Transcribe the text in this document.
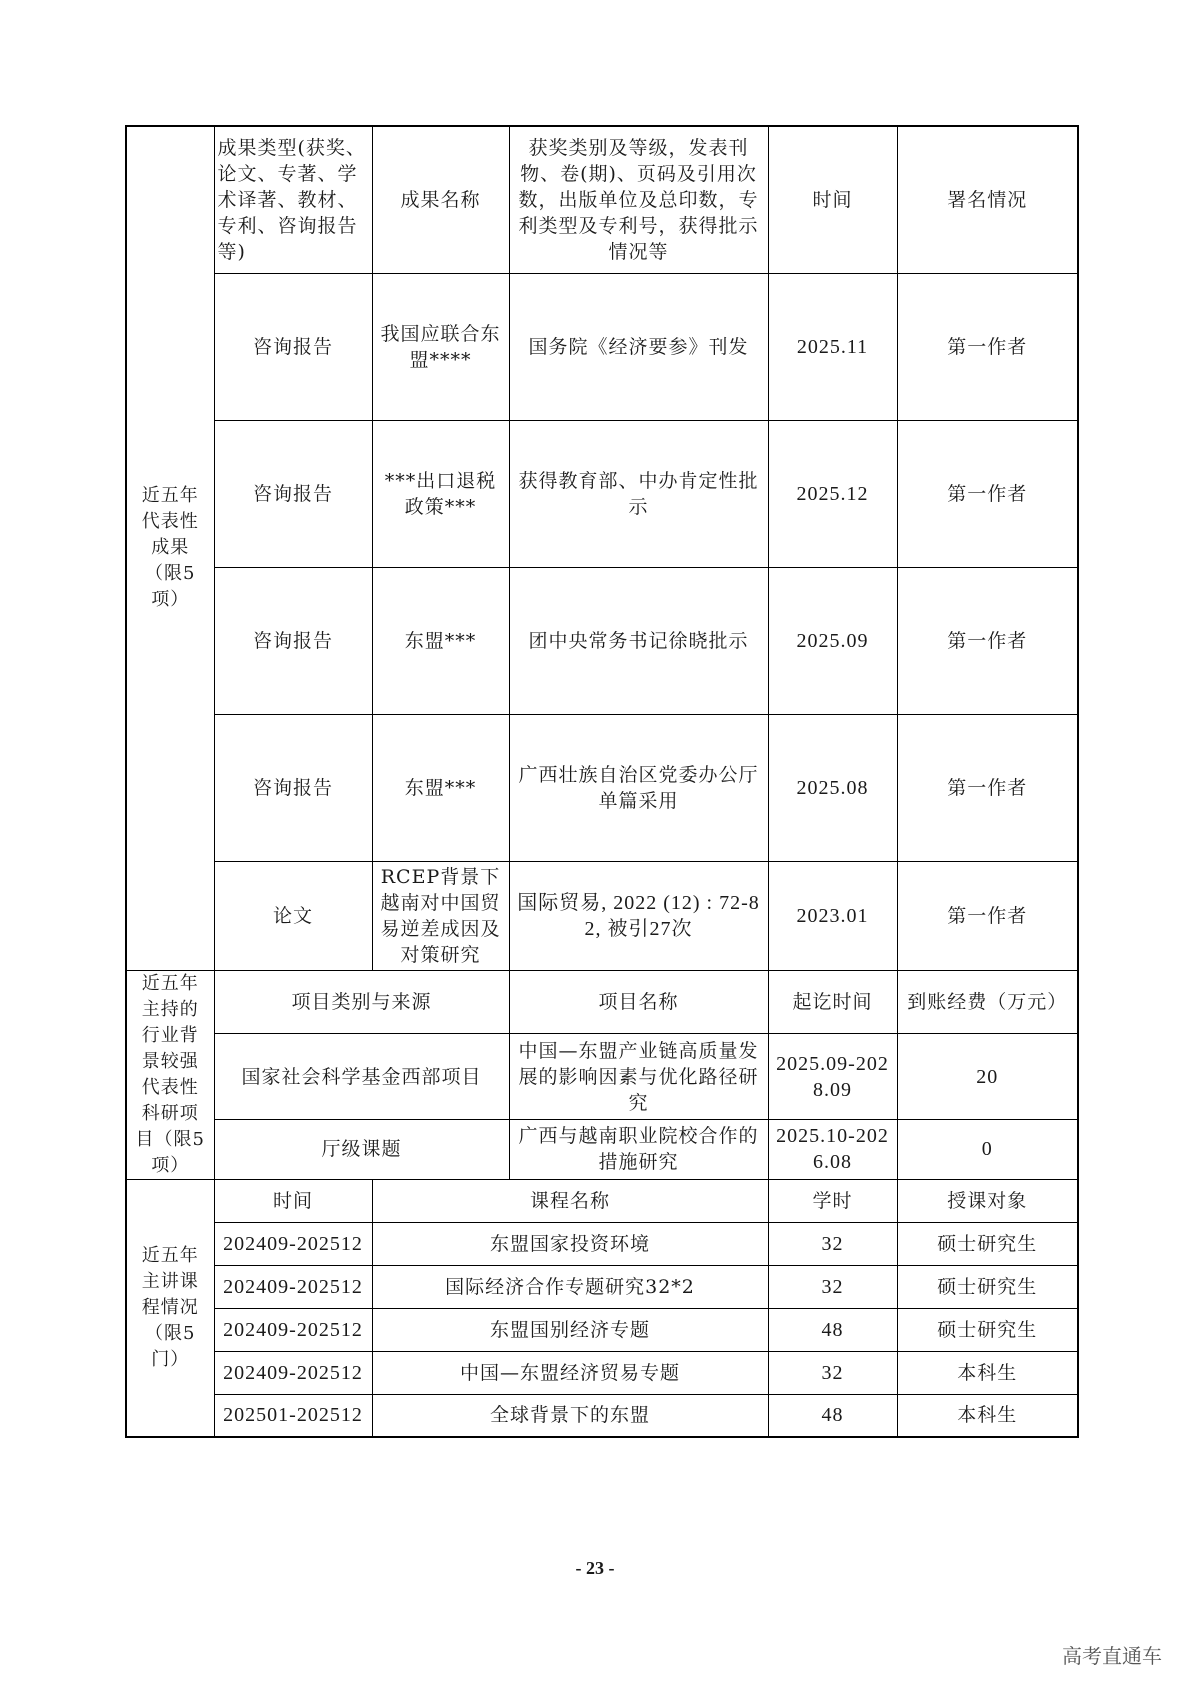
近五年代表性成果（限5项）	成果类型(获奖、论文、专著、学术译著、教材、专利、咨询报告等)	成果名称	获奖类别及等级，发表刊物、卷(期)、页码及引用次数，出版单位及总印数，专利类型及专利号，获得批示情况等	时间	署名情况
	咨询报告	我国应联合东盟****	国务院《经济要参》刊发	2025.11	第一作者
	咨询报告	***出口退税政策***	获得教育部、中办肯定性批示	2025.12	第一作者
	咨询报告	东盟***	团中央常务书记徐晓批示	2025.09	第一作者
	咨询报告	东盟***	广西壮族自治区党委办公厅单篇采用	2025.08	第一作者
	论文	RCEP背景下越南对中国贸易逆差成因及对策研究	国际贸易, 2022 (12) : 72-82, 被引27次	2023.01	第一作者
近五年主持的行业背景较强代表性科研项目（限5项）	项目类别与来源		项目名称	起讫时间	到账经费（万元）
	国家社会科学基金西部项目		中国—东盟产业链高质量发展的影响因素与优化路径研究	2025.09-2028.09	20
	厅级课题		广西与越南职业院校合作的措施研究	2025.10-2026.08	0
近五年主讲课程情况（限5门）	时间	课程名称		学时	授课对象
	202409-202512	东盟国家投资环境		32	硕士研究生
	202409-202512	国际经济合作专题研究32*2		32	硕士研究生
	202409-202512	东盟国别经济专题		48	硕士研究生
	202409-202512	中国—东盟经济贸易专题		32	本科生
	202501-202512	全球背景下的东盟		48	本科生
- 23 -
高考直通车
